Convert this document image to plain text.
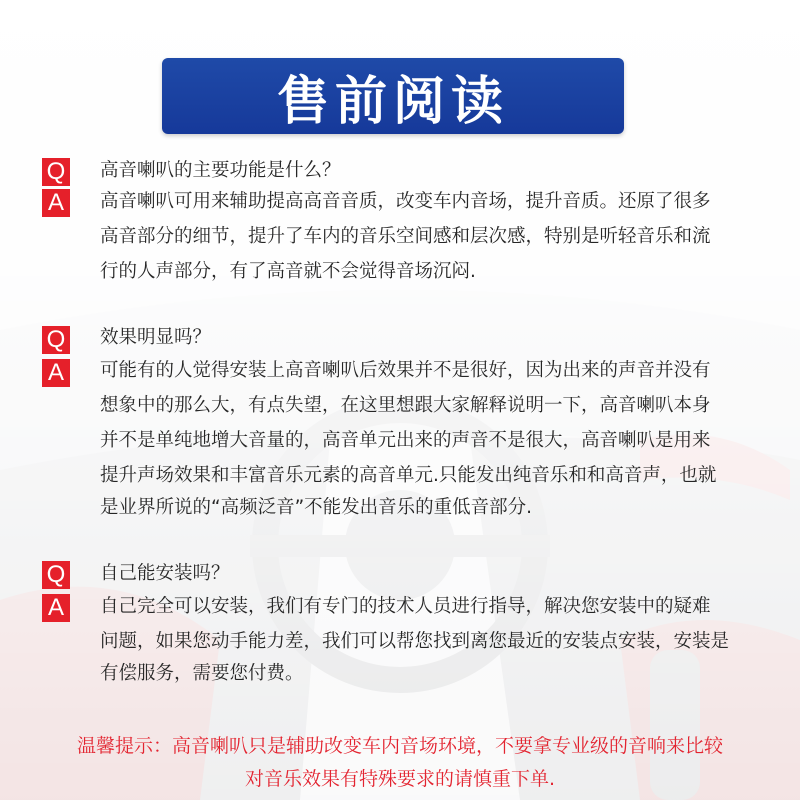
售前阅读
Q 高音喇叭的主要功能是什么？
A	高音喇叭可用来辅助提高高音音质，改变车内音场，提升音质。还原了很多
高音部分的细节，提升了车内的音乐空间感和层次感，特别是听轻音乐和流
行的人声部分，有了高音就不会觉得音场沉闷.
Q 效果明显吗？
A	可能有的人觉得安装上高音喇叭后效果并不是很好，因为出来的声音并没有
想象中的那么大，有点失望，在这里想跟大家解释说明一下，高音喇叭本身
并不是单纯地增大音量的，高音单元出来的声音不是很大，高音喇叭是用来
提升声场效果和丰富音乐元素的高音单元.只能发出纯音乐和和高音声，也就
是业界所说的“高频泛音”不能发出音乐的重低音部分.
Q 自己能安装吗？
A	自己完全可以安装，我们有专门的技术人员进行指导，解决您安装中的疑难
问题，如果您动手能力差，我们可以帮您找到离您最近的安装点安装，安装是
有偿服务，需要您付费。
温馨提示：高音喇叭只是辅助改变车内音场环境，不要拿专业级的音响来比较
对音乐效果有特殊要求的请慎重下单.
